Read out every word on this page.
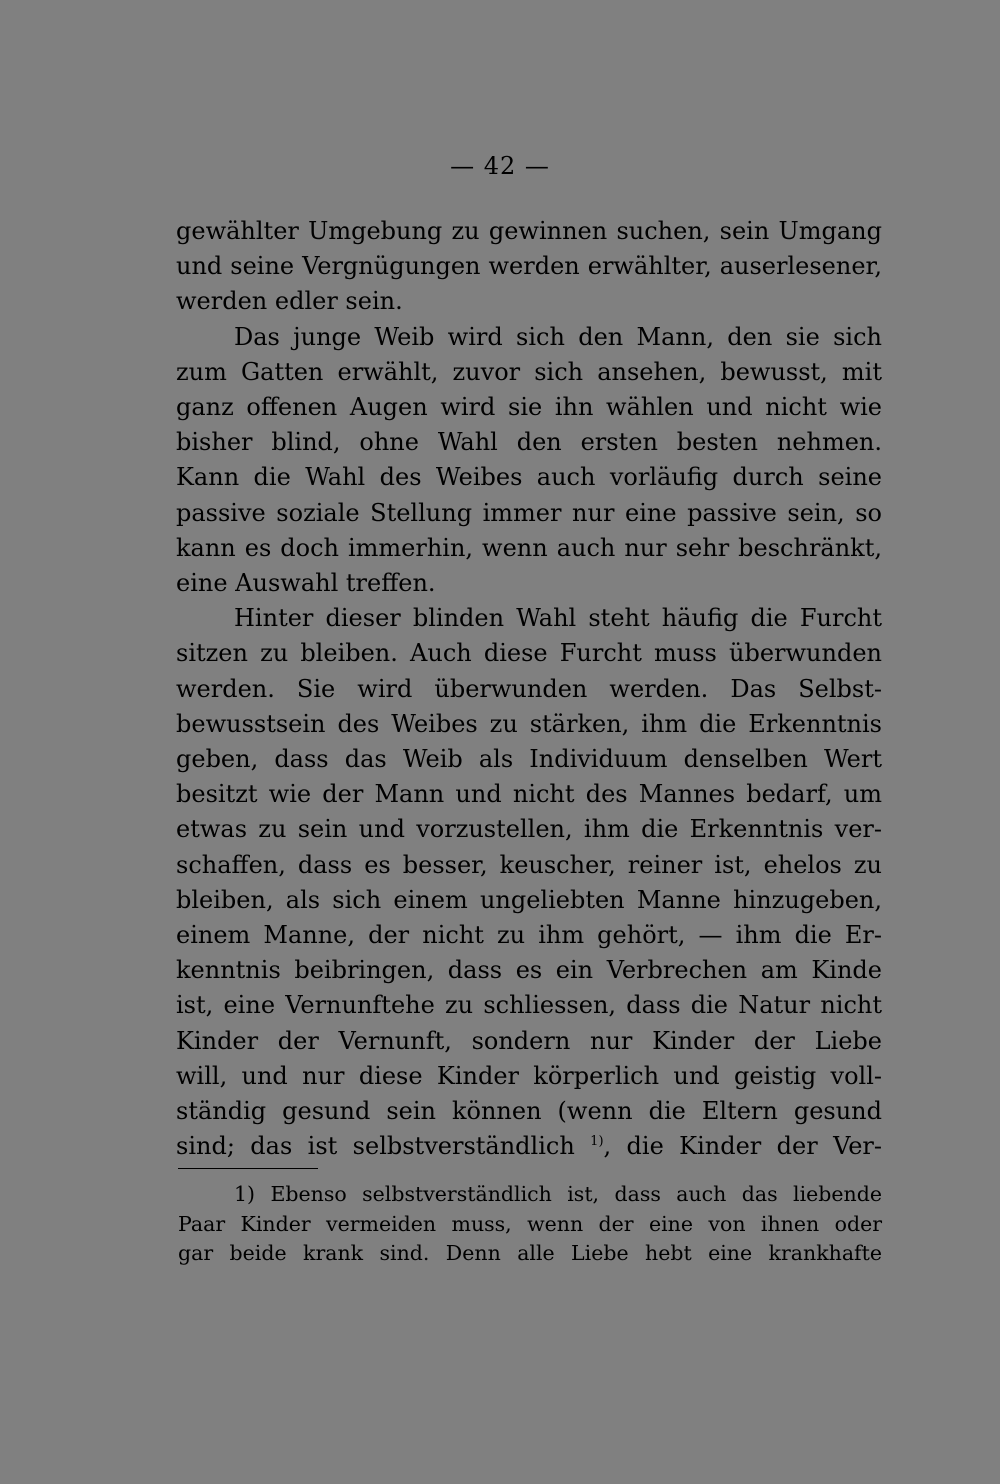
— 42 —
gewählter Umgebung zu gewinnen suchen, sein Umgang
und seine Vergnügungen werden erwählter, auserlesener,
werden edler sein.
Das junge Weib wird sich den Mann, den sie sich
zum Gatten erwählt, zuvor sich ansehen, bewusst, mit
ganz offenen Augen wird sie ihn wählen und nicht wie
bisher blind, ohne Wahl den ersten besten nehmen.
Kann die Wahl des Weibes auch vorläufig durch seine
passive soziale Stellung immer nur eine passive sein, so
kann es doch immerhin, wenn auch nur sehr beschränkt,
eine Auswahl treffen.
Hinter dieser blinden Wahl steht häufig die Furcht
sitzen zu bleiben. Auch diese Furcht muss überwunden
werden. Sie wird überwunden werden. Das Selbst-
bewusstsein des Weibes zu stärken, ihm die Erkenntnis
geben, dass das Weib als Individuum denselben Wert
besitzt wie der Mann und nicht des Mannes bedarf, um
etwas zu sein und vorzustellen, ihm die Erkenntnis ver-
schaffen, dass es besser, keuscher, reiner ist, ehelos zu
bleiben, als sich einem ungeliebten Manne hinzugeben,
einem Manne, der nicht zu ihm gehört, — ihm die Er-
kenntnis beibringen, dass es ein Verbrechen am Kinde
ist, eine Vernunftehe zu schliessen, dass die Natur nicht
Kinder der Vernunft, sondern nur Kinder der Liebe
will, und nur diese Kinder körperlich und geistig voll-
ständig gesund sein können (wenn die Eltern gesund
sind; das ist selbstverständlich $^{1)}$, die Kinder der Ver-
1) Ebenso selbstverständlich ist, dass auch das liebende
Paar Kinder vermeiden muss, wenn der eine von ihnen oder
gar beide krank sind. Denn alle Liebe hebt eine krankhafte
